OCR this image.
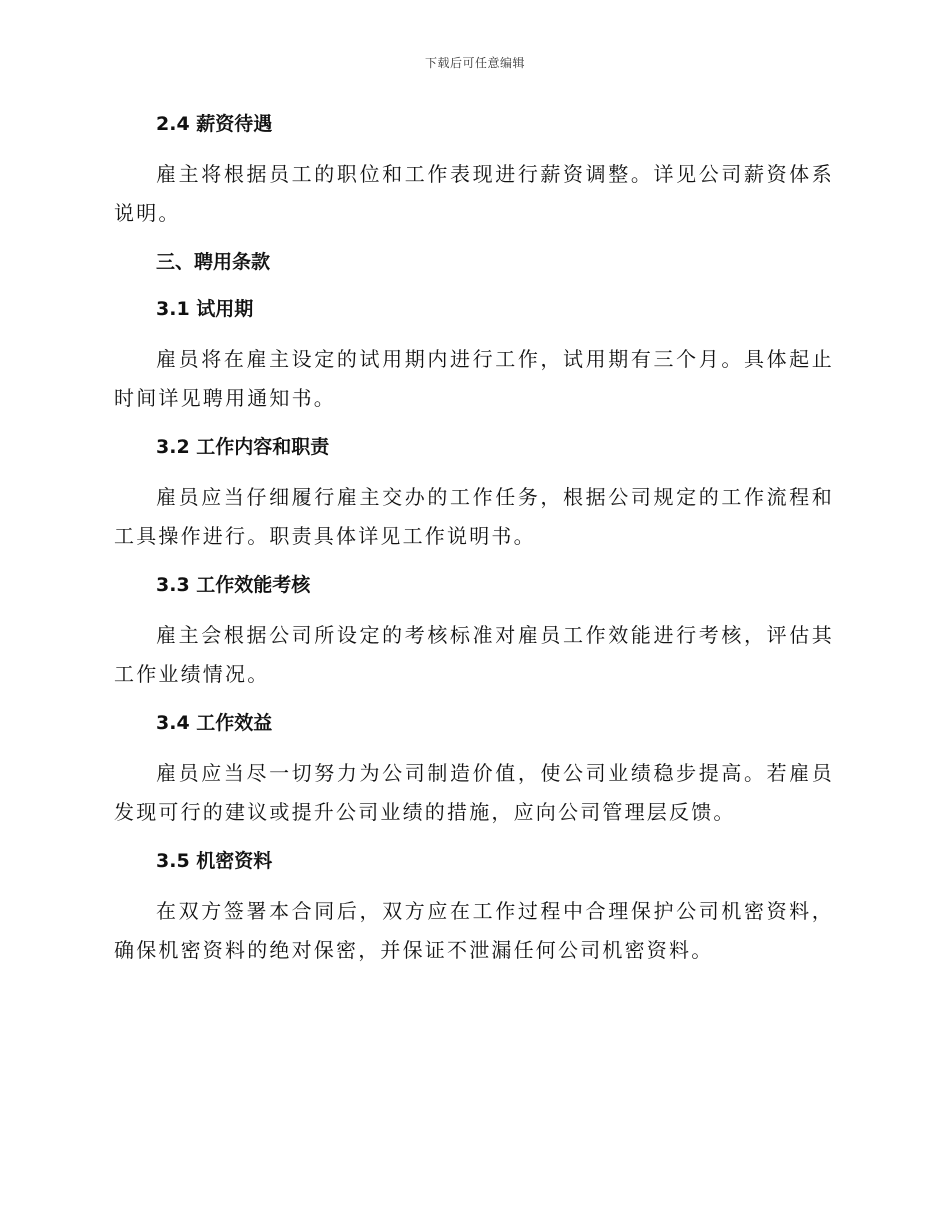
下载后可任意编辑

2.4 薪资待遇

雇主将根据员工的职位和工作表现进行薪资调整。详见公司薪资体系说明。

三、聘用条款

3.1 试用期

雇员将在雇主设定的试用期内进行工作，试用期有三个月。具体起止时间详见聘用通知书。

3.2 工作内容和职责

雇员应当仔细履行雇主交办的工作任务，根据公司规定的工作流程和工具操作进行。职责具体详见工作说明书。

3.3 工作效能考核

雇主会根据公司所设定的考核标准对雇员工作效能进行考核，评估其工作业绩情况。

3.4 工作效益

雇员应当尽一切努力为公司制造价值，使公司业绩稳步提高。若雇员发现可行的建议或提升公司业绩的措施，应向公司管理层反馈。

3.5 机密资料

在双方签署本合同后，双方应在工作过程中合理保护公司机密资料，确保机密资料的绝对保密，并保证不泄漏任何公司机密资料。
